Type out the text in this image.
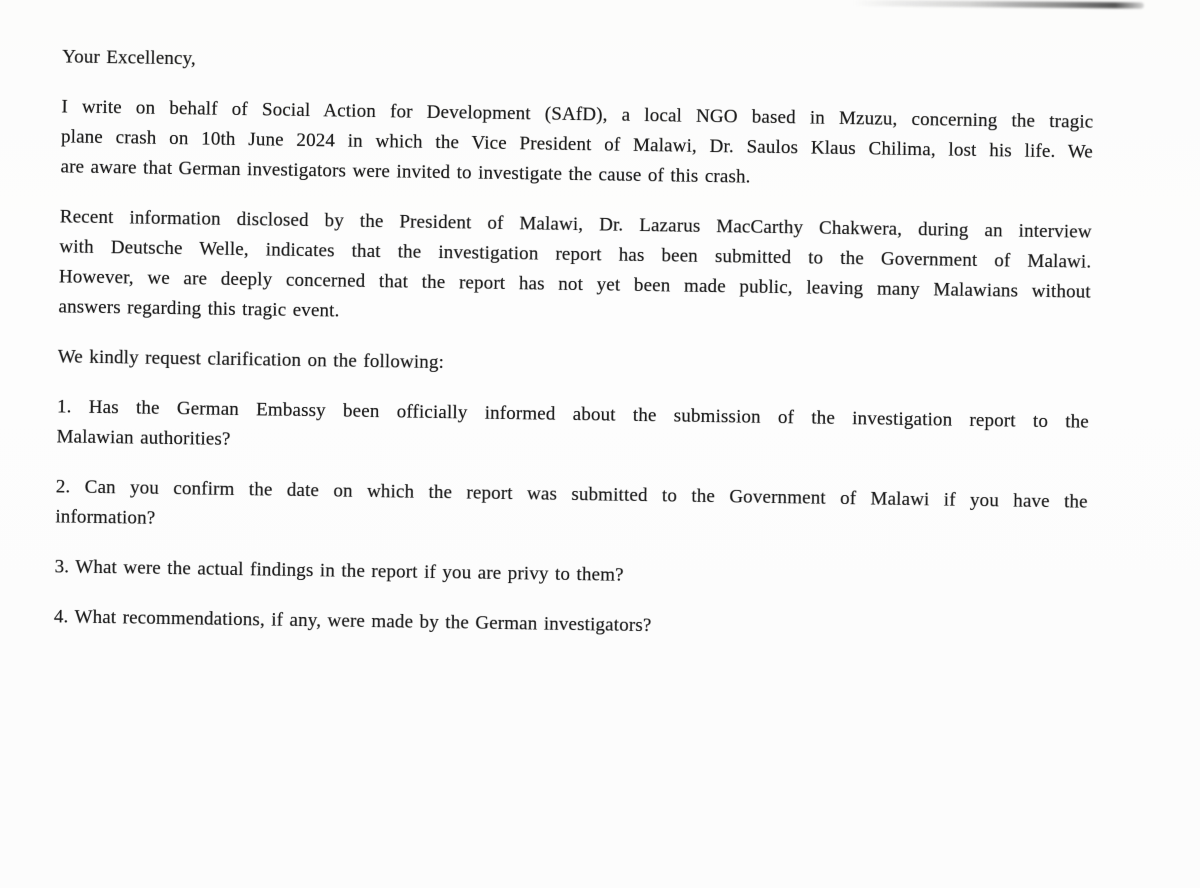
Your Excellency,
I write on behalf of Social Action for Development (SAfD), a local NGO based in Mzuzu, concerning the tragic
plane crash on 10th June 2024 in which the Vice President of Malawi, Dr. Saulos Klaus Chilima, lost his life. We
are aware that German investigators were invited to investigate the cause of this crash.
Recent information disclosed by the President of Malawi, Dr. Lazarus MacCarthy Chakwera, during an interview
with Deutsche Welle, indicates that the investigation report has been submitted to the Government of Malawi.
However, we are deeply concerned that the report has not yet been made public, leaving many Malawians without
answers regarding this tragic event.
We kindly request clarification on the following:
1. Has the German Embassy been officially informed about the submission of the investigation report to the
Malawian authorities?
2. Can you confirm the date on which the report was submitted to the Government of Malawi if you have the
information?
3. What were the actual findings in the report if you are privy to them?
4. What recommendations, if any, were made by the German investigators?
